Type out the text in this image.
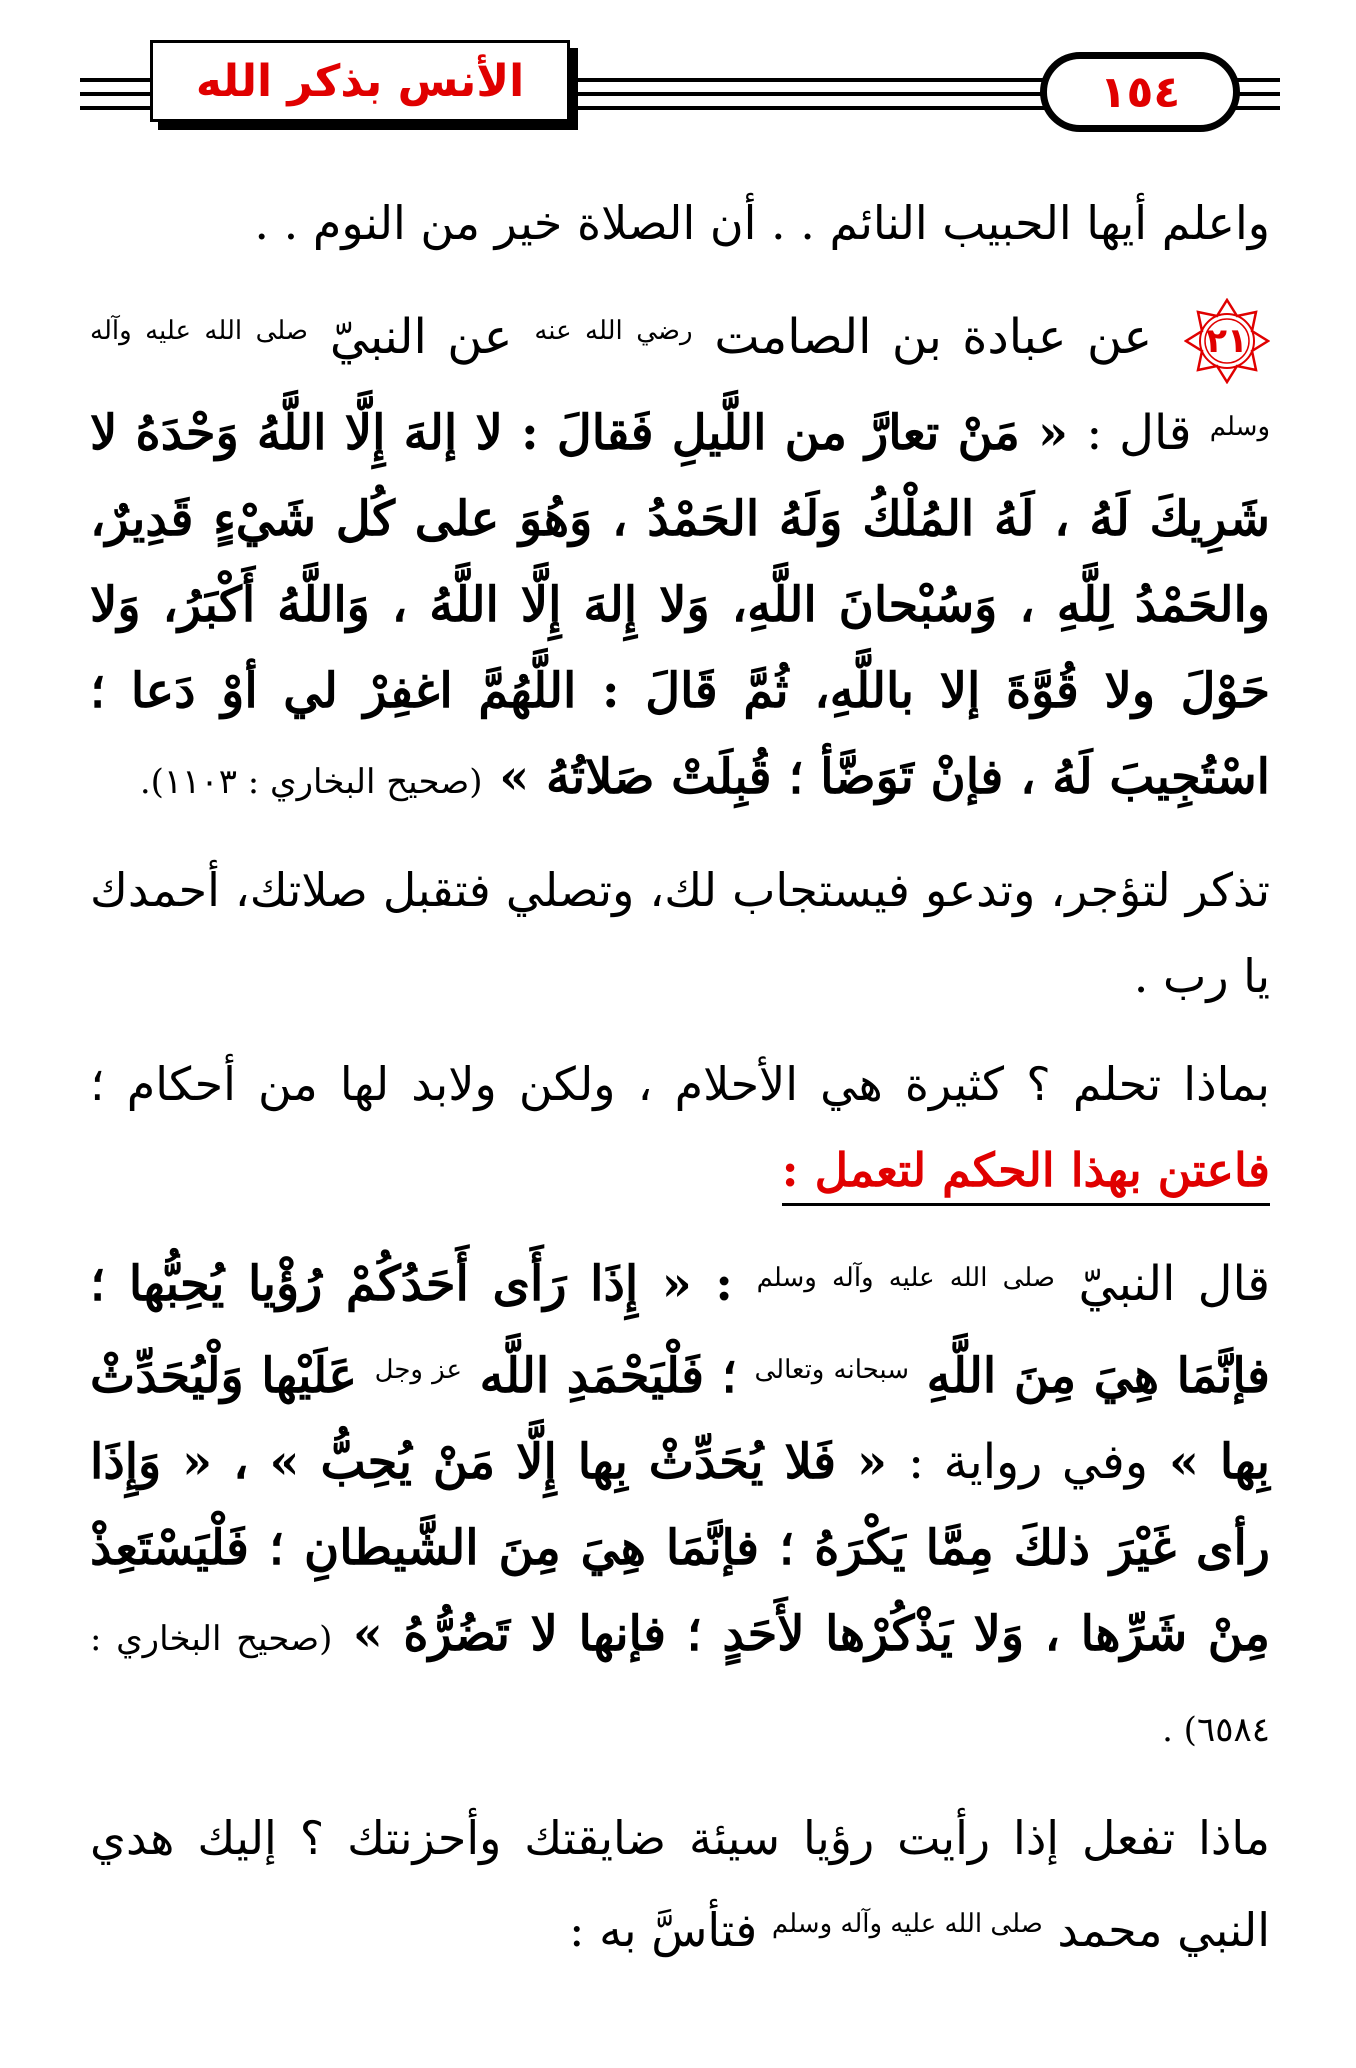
الأنس بذكر الله	١٥٤

واعلم أيها الحبيب النائم . . أن الصلاة خير من النوم . .

٢١
عن عبادة بن الصامت $^{رضي الله عنه}$ عن النبيّ $^{صلى الله عليه وآله وسلم}$ قال : « مَنْ تعارَّ من اللَّيلِ فَقالَ : لا إلهَ إِلَّا اللَّهُ وَحْدَهُ لا شَرِيكَ لَهُ ، لَهُ المُلْكُ وَلَهُ الحَمْدُ ، وَهُوَ على كُل شَيْءٍ قَدِيرٌ، والحَمْدُ لِلَّهِ ، وَسُبْحانَ اللَّهِ، وَلا إِلهَ إِلَّا اللَّهُ ، وَاللَّهُ أَكْبَرُ، وَلا حَوْلَ ولا قُوَّةَ إلا باللَّهِ، ثُمَّ قَالَ : اللَّهُمَّ اغفِرْ لي أوْ دَعا ؛ اسْتُجِيبَ لَهُ ، فإنْ تَوَضَّأ ؛ قُبِلَتْ صَلاتُهُ » (صحيح البخاري : ١١٠٣).

تذكر لتؤجر، وتدعو فيستجاب لك، وتصلي فتقبل صلاتك، أحمدك يا رب .

بماذا تحلم ؟ كثيرة هي الأحلام ، ولكن ولابد لها من أحكام ؛ فاعتن بهذا الحكم لتعمل :

قال النبيّ $^{صلى الله عليه وآله وسلم}$ : « إِذَا رَأَى أَحَدُكُمْ رُؤْيا يُحِبُّها ؛ فإنَّمَا هِيَ مِنَ اللَّهِ $^{سبحانه وتعالى}$ ؛ فَلْيَحْمَدِ اللَّه $^{عز وجل}$ عَلَيْها وَلْيُحَدِّثْ بِها » وفي رواية : « فَلا يُحَدِّثْ بِها إِلَّا مَنْ يُحِبُّ » ، « وَإِذَا رأى غَيْرَ ذلكَ مِمَّا يَكْرَهُ ؛ فإنَّمَا هِيَ مِنَ الشَّيطانِ ؛ فَلْيَسْتَعِذْ مِنْ شَرِّها ، وَلا يَذْكُرْها لأَحَدٍ ؛ فإنها لا تَضُرُّهُ » (صحيح البخاري : ٦٥٨٤) .

ماذا تفعل إذا رأيت رؤيا سيئة ضايقتك وأحزنتك ؟ إليك هدي النبي محمد $^{صلى الله عليه وآله وسلم}$ فتأسَّ به :
